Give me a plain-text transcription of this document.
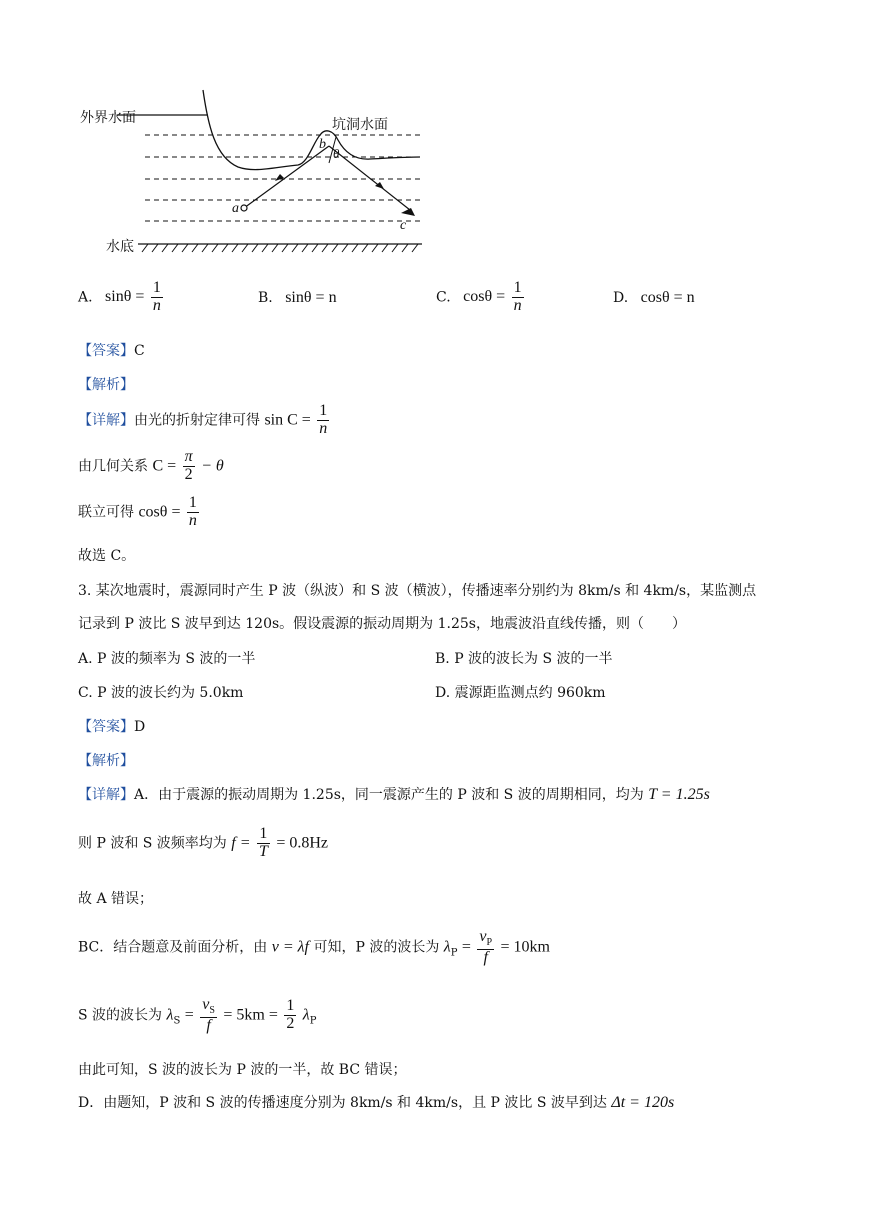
外界水面	坑洞水面
水底
a
b
c
θ
A. $\sin\theta = \frac{1}{n}$	B. sinθ = n	C. $\cos\theta = \frac{1}{n}$	D. cosθ = n
【答案】C
【解析】
【详解】由光的折射定律可得 $\sin C = \frac{1}{n}$
由几何关系 $C = \frac{\pi}{2} - \theta$
联立可得 $\cos\theta = \frac{1}{n}$
故选 C。
3. 某次地震时，震源同时产生 P 波（纵波）和 S 波（横波），传播速率分别约为 8km/s 和 4km/s，某监测点
记录到 P 波比 S 波早到达 120s。假设震源的振动周期为 1.25s，地震波沿直线传播，则（　　）
A. P 波的频率为 S 波的一半	B. P 波的波长为 S 波的一半
C. P 波的波长约为 5.0km	D. 震源距监测点约 960km
【答案】D
【解析】
【详解】A．由于震源的振动周期为 1.25s，同一震源产生的 P 波和 S 波的周期相同，均为 T = 1.25s
则 P 波和 S 波频率均为 $f = \frac{1}{T} = 0.8Hz$
故 A 错误；
BC．结合题意及前面分析，由 v = λf 可知，P 波的波长为 $\lambda_P = \frac{v_P}{f} = 10km$
S 波的波长为 $\lambda_S = \frac{v_S}{f} = 5km = \frac{1}{2} \lambda_P$
由此可知，S 波的波长为 P 波的一半，故 BC 错误；
D．由题知，P 波和 S 波的传播速度分别为 8km/s 和 4km/s，且 P 波比 S 波早到达 Δt = 120s
